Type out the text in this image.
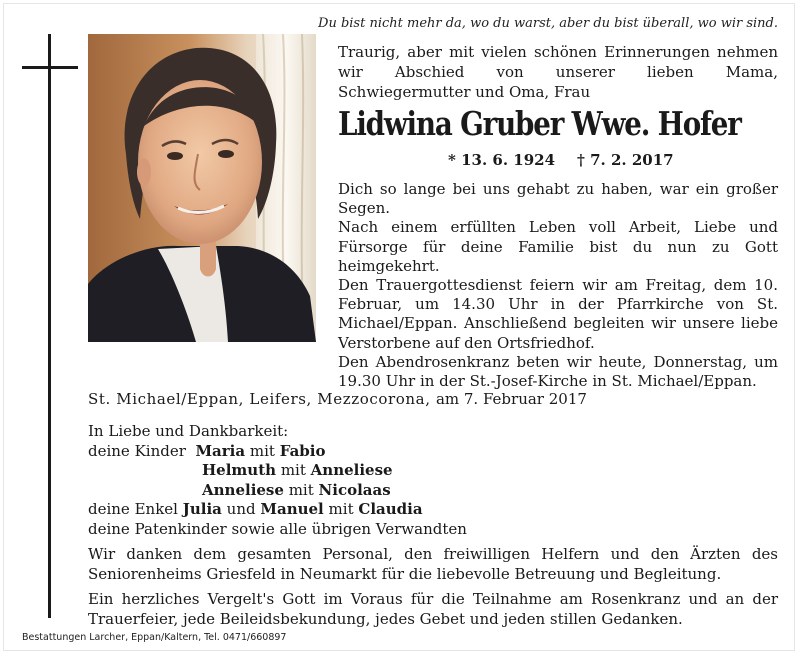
Du bist nicht mehr da, wo du warst, aber du bist überall, wo wir sind.
Traurig, aber mit vielen schönen Erinnerungen nehmen wir Abschied von unserer lieben Mama, Schwiegermutter und Oma, Frau
Lidwina Gruber Wwe. Hofer
* 13. 6. 1924 † 7. 2. 2017

Dich so lange bei uns gehabt zu haben, war ein großer Segen.

Nach einem erfüllten Leben voll Arbeit, Liebe und Fürsorge für deine Familie bist du nun zu Gott heimgekehrt.

Den Trauergottesdienst feiern wir am Freitag, dem 10. Februar, um 14.30 Uhr in der Pfarrkirche von St. Michael/Eppan. Anschließend begleiten wir unsere liebe Verstorbene auf den Ortsfriedhof.

Den Abendrosenkranz beten wir heute, Donnerstag, um 19.30 Uhr in der St.-Josef-Kirche in St. Michael/Eppan.

St. Michael/Eppan, Leifers, Mezzocorona, am 7. Februar 2017
In Liebe und Dankbarkeit:
deine Kinder Maria mit Fabio
Helmuth mit Anneliese
Anneliese mit Nicolaas
deine Enkel Julia und Manuel mit Claudia
deine Patenkinder sowie alle übrigen Verwandten

Wir danken dem gesamten Personal, den freiwilligen Helfern und den Ärzten des Seniorenheims Griesfeld in Neumarkt für die liebevolle Betreuung und Begleitung.

Ein herzliches Vergelt's Gott im Voraus für die Teilnahme am Rosenkranz und an der Trauerfeier, jede Beileidsbekundung, jedes Gebet und jeden stillen Gedanken.

Bestattungen Larcher, Eppan/Kaltern, Tel. 0471/660897
